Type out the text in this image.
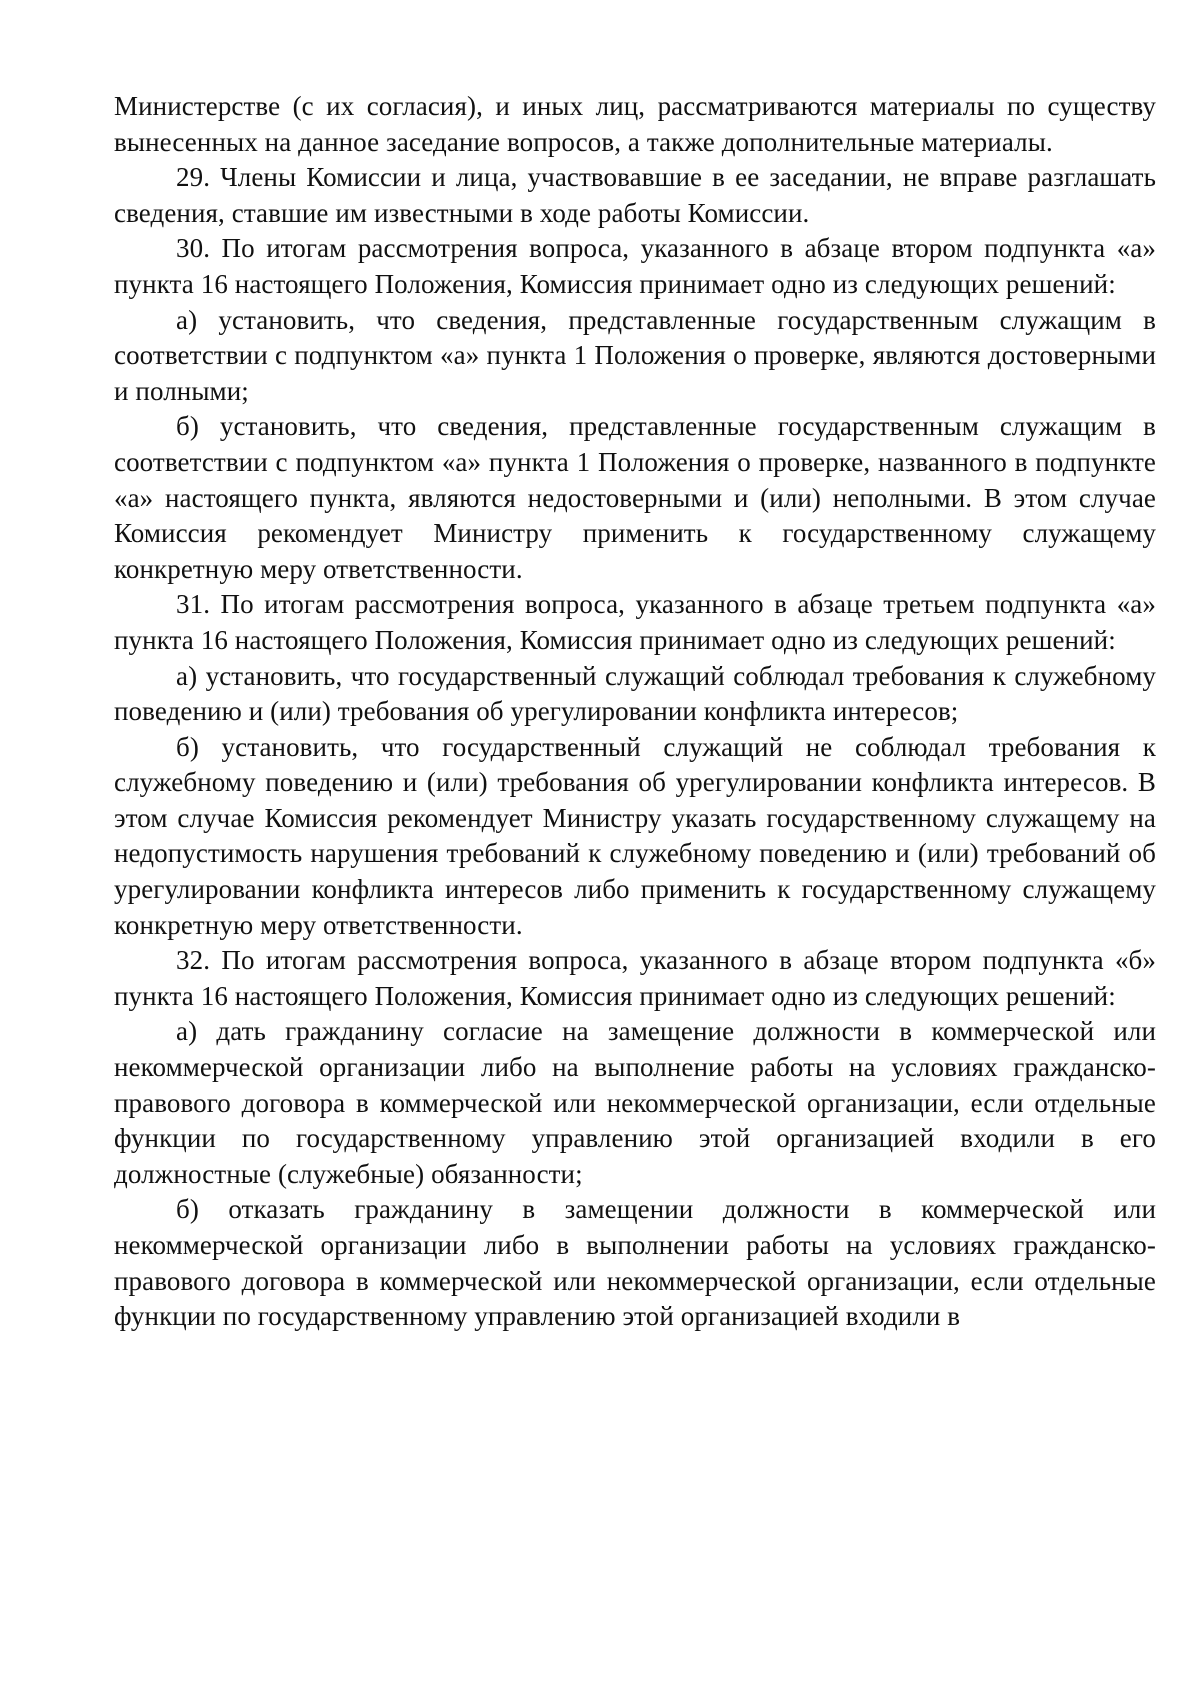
Министерстве (с их согласия), и иных лиц, рассматриваются материалы по существу вынесенных на данное заседание вопросов, а также дополнительные материалы.

29. Члены Комиссии и лица, участвовавшие в ее заседании, не вправе разглашать сведения, ставшие им известными в ходе работы Комиссии.

30. По итогам рассмотрения вопроса, указанного в абзаце втором подпункта «а» пункта 16 настоящего Положения, Комиссия принимает одно из следующих решений:

а) установить, что сведения, представленные государственным служащим в соответствии с подпунктом «а» пункта 1 Положения о проверке, являются достоверными и полными;

б) установить, что сведения, представленные государственным служащим в соответствии с подпунктом «а» пункта 1 Положения о проверке, названного в подпункте «а» настоящего пункта, являются недостоверными и (или) неполными. В этом случае Комиссия рекомендует Министру применить к государственному служащему конкретную меру ответственности.

31. По итогам рассмотрения вопроса, указанного в абзаце третьем подпункта «а» пункта 16 настоящего Положения, Комиссия принимает одно из следующих решений:

а) установить, что государственный служащий соблюдал требования к служебному поведению и (или) требования об урегулировании конфликта интересов;

б) установить, что государственный служащий не соблюдал требования к служебному поведению и (или) требования об урегулировании конфликта интересов. В этом случае Комиссия рекомендует Министру указать государственному служащему на недопустимость нарушения требований к служебному поведению и (или) требований об урегулировании конфликта интересов либо применить к государственному служащему конкретную меру ответственности.

32. По итогам рассмотрения вопроса, указанного в абзаце втором подпункта «б» пункта 16 настоящего Положения, Комиссия принимает одно из следующих решений:

а) дать гражданину согласие на замещение должности в коммерческой или некоммерческой организации либо на выполнение работы на условиях гражданско-правового договора в коммерческой или некоммерческой организации, если отдельные функции по государственному управлению этой организацией входили в его должностные (служебные) обязанности;

б) отказать гражданину в замещении должности в коммерческой или некоммерческой организации либо в выполнении работы на условиях гражданско-правового договора в коммерческой или некоммерческой организации, если отдельные функции по государственному управлению этой организацией входили в
